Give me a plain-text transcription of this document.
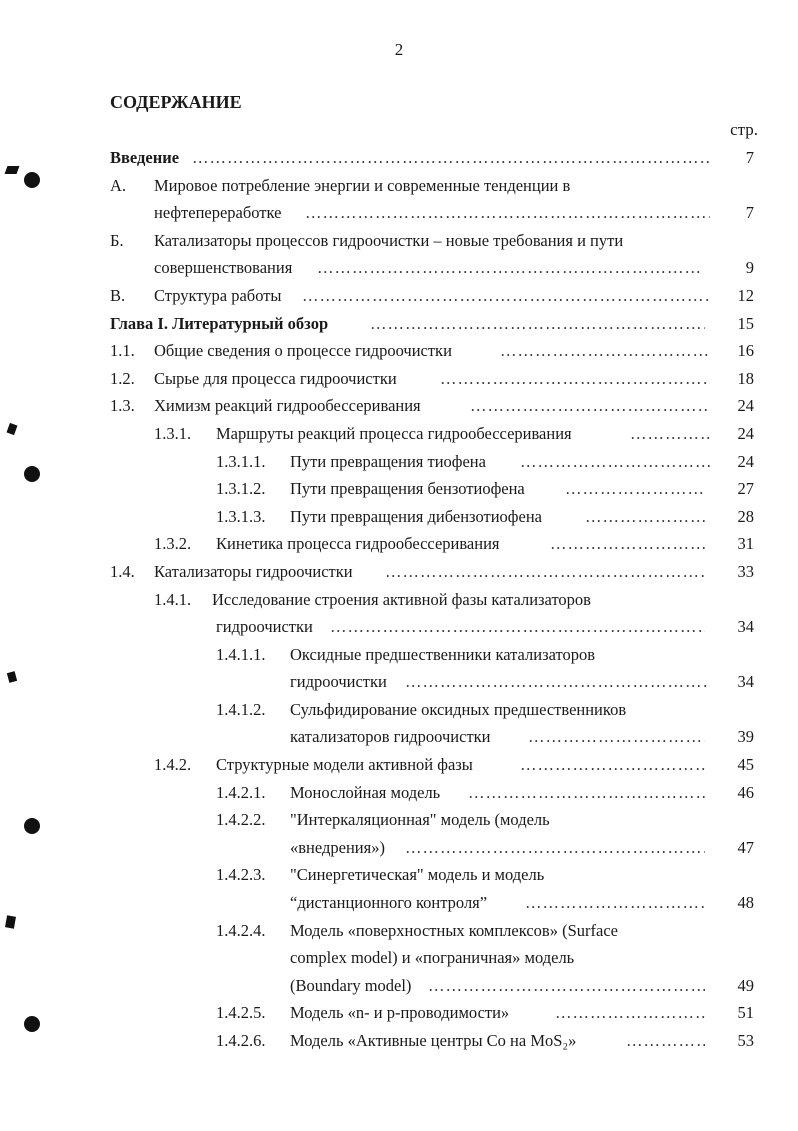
2
СОДЕРЖАНИЕ
стр.
Введение …………………………………………………………………………………………………………………………………	7
А. Мировое потребление энергии и современные тенденции в
нефтепереработке …………………………………………………………………………………………………………………………………	7
Б. Катализаторы процессов гидроочистки – новые требования и пути
совершенствования …………………………………………………………………………………………………………………………………	9
В. Структура работы …………………………………………………………………………………………………………………………………	12
Глава I. Литературный обзор …………………………………………………………………………………………………………………………………	15
1.1. Общие сведения о процессе гидроочистки …………………………………………………………………………………………………………………………………	16
1.2. Сырье для процесса гидроочистки …………………………………………………………………………………………………………………………………	18
1.3. Химизм реакций гидрообессеривания …………………………………………………………………………………………………………………………………	24
1.3.1. Маршруты реакций процесса гидрообессеривания …………………………………………………………………………………………………………………………………	24
1.3.1.1. Пути превращения тиофена …………………………………………………………………………………………………………………………………	24
1.3.1.2. Пути превращения бензотиофена …………………………………………………………………………………………………………………………………	27
1.3.1.3. Пути превращения дибензотиофена …………………………………………………………………………………………………………………………………	28
1.3.2. Кинетика процесса гидрообессеривания …………………………………………………………………………………………………………………………………	31
1.4. Катализаторы гидроочистки …………………………………………………………………………………………………………………………………	33
1.4.1. Исследование строения активной фазы катализаторов
гидроочистки …………………………………………………………………………………………………………………………………	34
1.4.1.1. Оксидные предшественники катализаторов
гидроочистки …………………………………………………………………………………………………………………………………	34
1.4.1.2. Сульфидирование оксидных предшественников
катализаторов гидроочистки …………………………………………………………………………………………………………………………………	39
1.4.2. Структурные модели активной фазы …………………………………………………………………………………………………………………………………	45
1.4.2.1. Монослойная модель …………………………………………………………………………………………………………………………………	46
1.4.2.2. "Интеркаляционная" модель (модель
«внедрения») …………………………………………………………………………………………………………………………………	47
1.4.2.3. "Синергетическая" модель и модель
“дистанционного контроля” …………………………………………………………………………………………………………………………………	48
1.4.2.4. Модель «поверхностных комплексов» (Surface
complex model) и «пограничная» модель
(Boundary model) …………………………………………………………………………………………………………………………………	49
1.4.2.5. Модель «n- и p-проводимости» …………………………………………………………………………………………………………………………………	51
1.4.2.6. Модель «Активные центры Co на MoS₂» …………………………………………………………………………………………………………………………………	53
